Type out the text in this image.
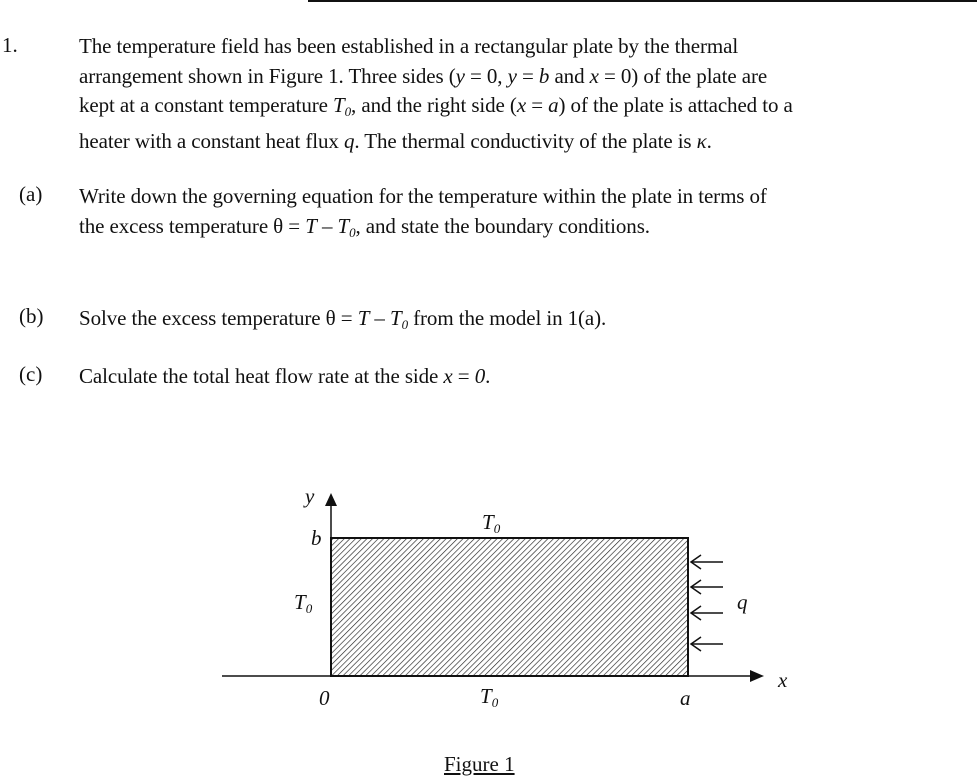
1.	The temperature field has been established in a rectangular plate by the thermal
arrangement shown in Figure 1. Three sides (y = 0, y = b and x = 0) of the plate are
kept at a constant temperature $T_0$, and the right side (x = a) of the plate is attached to a
heater with a constant heat flux q. The thermal conductivity of the plate is κ.
(a) Write down the governing equation for the temperature within the plate in terms of
the excess temperature $\theta = T - T_0$, and state the boundary conditions.
(b) Solve the excess temperature $\theta = T - T_0$ from the model in 1(a).
(c) Calculate the total heat flow rate at the side x = 0.
y
b
$T_0$
$T_0$	q
x
0	$T_0$	a
Figure 1
